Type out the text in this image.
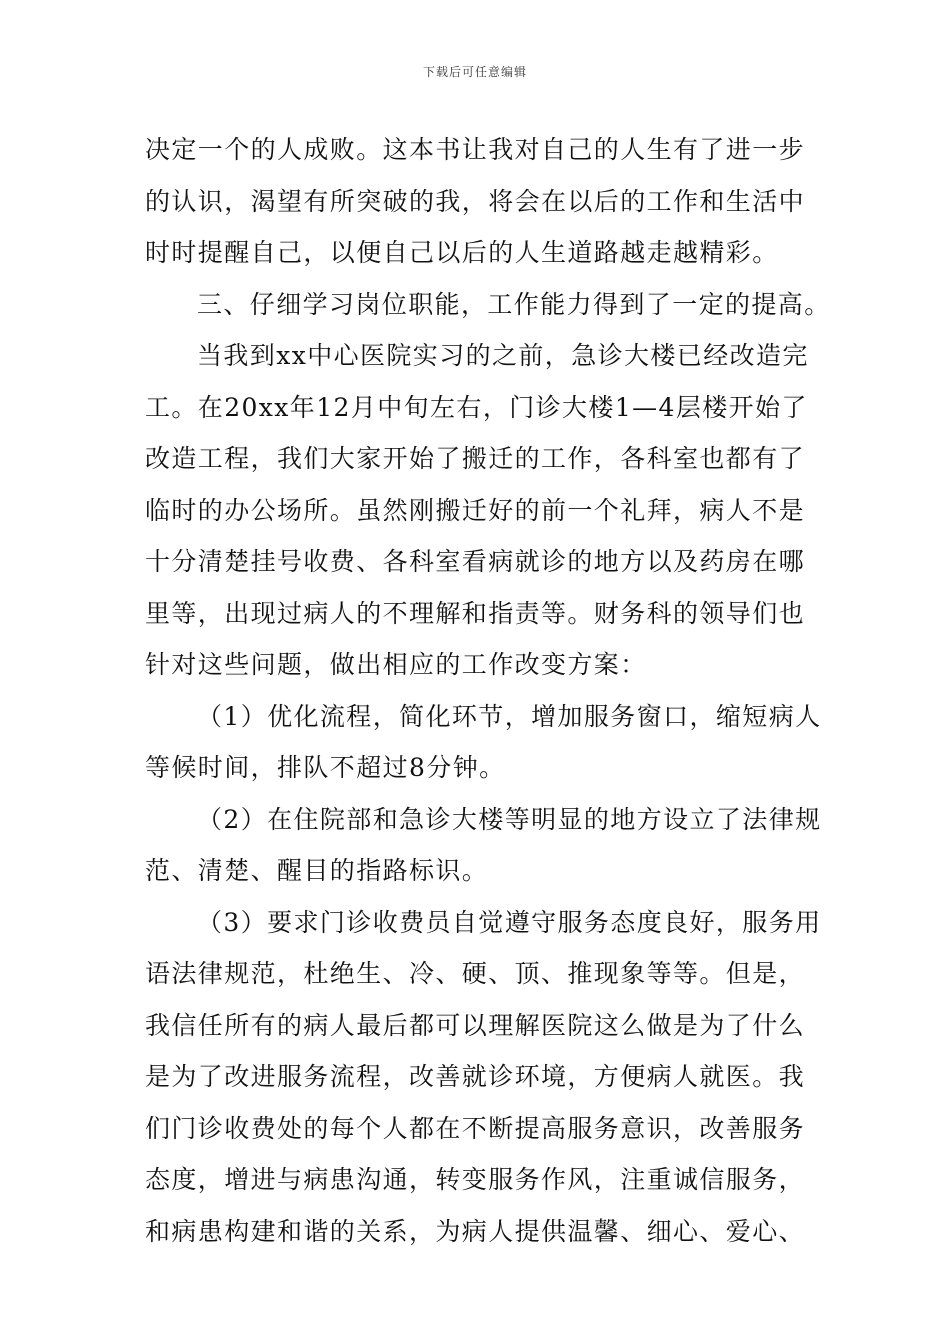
下载后可任意编辑
决定一个的人成败。这本书让我对自己的人生有了进一步
的认识，渴望有所突破的我，将会在以后的工作和生活中
时时提醒自己，以便自己以后的人生道路越走越精彩。
三、仔细学习岗位职能，工作能力得到了一定的提高。
当我到xx中心医院实习的之前，急诊大楼已经改造完
工。在20xx年12月中旬左右，门诊大楼1—4层楼开始了
改造工程，我们大家开始了搬迁的工作，各科室也都有了
临时的办公场所。虽然刚搬迁好的前一个礼拜，病人不是
十分清楚挂号收费、各科室看病就诊的地方以及药房在哪
里等，出现过病人的不理解和指责等。财务科的领导们也
针对这些问题，做出相应的工作改变方案：
（1）优化流程，简化环节，增加服务窗口，缩短病人
等候时间，排队不超过8分钟。
（2）在住院部和急诊大楼等明显的地方设立了法律规
范、清楚、醒目的指路标识。
（3）要求门诊收费员自觉遵守服务态度良好，服务用
语法律规范，杜绝生、冷、硬、顶、推现象等等。但是，
我信任所有的病人最后都可以理解医院这么做是为了什么
是为了改进服务流程，改善就诊环境，方便病人就医。我
们门诊收费处的每个人都在不断提高服务意识，改善服务
态度，增进与病患沟通，转变服务作风，注重诚信服务，
和病患构建和谐的关系，为病人提供温馨、细心、爱心、
